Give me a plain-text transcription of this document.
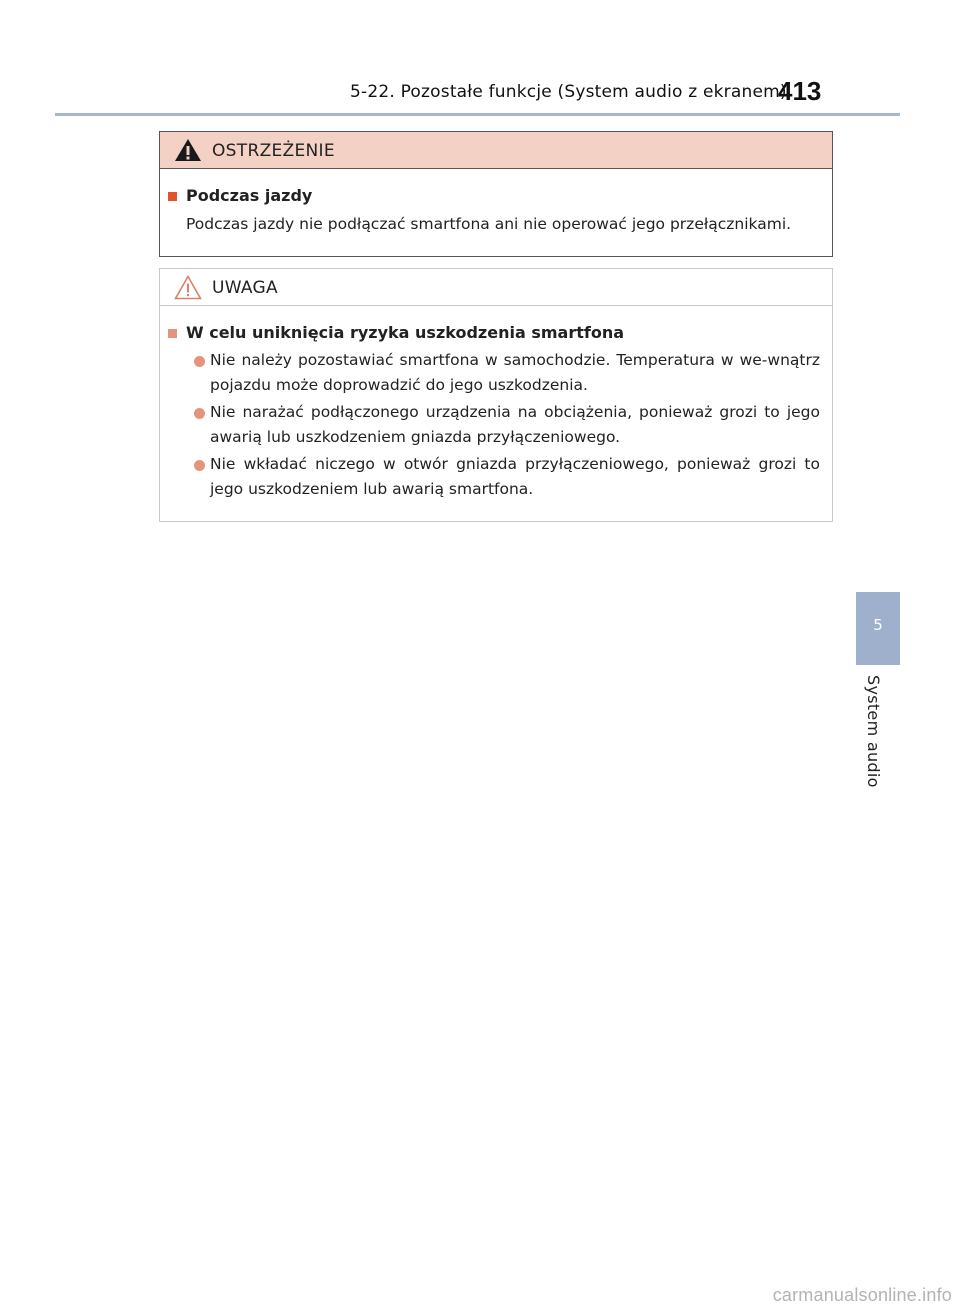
5-22. Pozostałe funkcje (System audio z ekranem)
413
OSTRZEŻENIE
Podczas jazdy
Podczas jazdy nie podłączać smartfona ani nie operować jego przełącznikami.
UWAGA
W celu uniknięcia ryzyka uszkodzenia smartfona
Nie należy pozostawiać smartfona w samochodzie. Temperatura w we-wnątrz pojazdu może doprowadzić do jego uszkodzenia.
Nie narażać podłączonego urządzenia na obciążenia, ponieważ grozi to jego awarią lub uszkodzeniem gniazda przyłączeniowego.
Nie wkładać niczego w otwór gniazda przyłączeniowego, ponieważ grozi to jego uszkodzeniem lub awarią smartfona.
5
System audio
carmanualsonline.info
